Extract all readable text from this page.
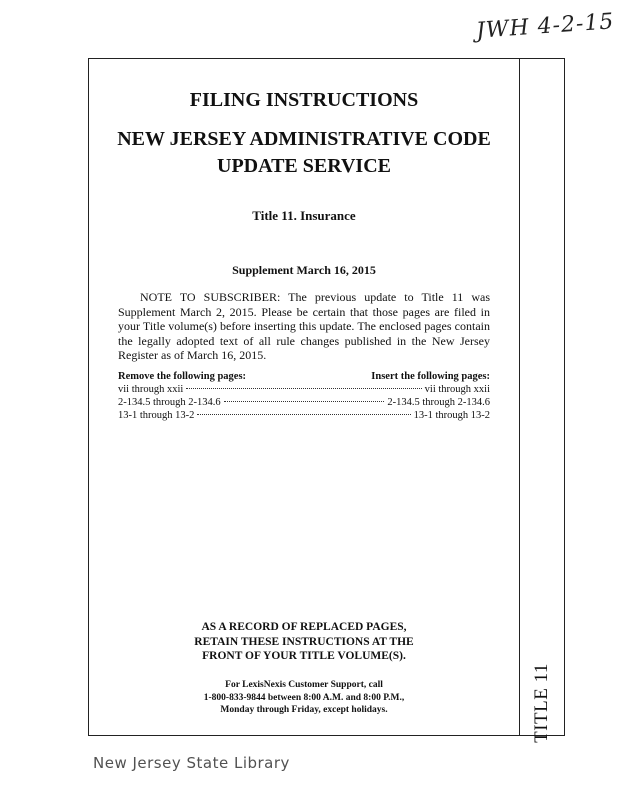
JWH 4-2-15
TITLE 11
FILING INSTRUCTIONS
NEW JERSEY ADMINISTRATIVE CODE
UPDATE SERVICE
Title 11. Insurance
Supplement March 16, 2015
NOTE TO SUBSCRIBER: The previous update to Title 11 was Supplement March 2, 2015. Please be certain that those pages are filed in your Title volume(s) before inserting this update. The enclosed pages contain the legally adopted text of all rule changes published in the New Jersey Register as of March 16, 2015.
Remove the following pages:	Insert the following pages:
vii through xxii	vii through xxii
2-134.5 through 2-134.6	2-134.5 through 2-134.6
13-1 through 13-2	13-1 through 13-2
AS A RECORD OF REPLACED PAGES,
RETAIN THESE INSTRUCTIONS AT THE
FRONT OF YOUR TITLE VOLUME(S).
For LexisNexis Customer Support, call
1-800-833-9844 between 8:00 A.M. and 8:00 P.M.,
Monday through Friday, except holidays.
New Jersey State Library
